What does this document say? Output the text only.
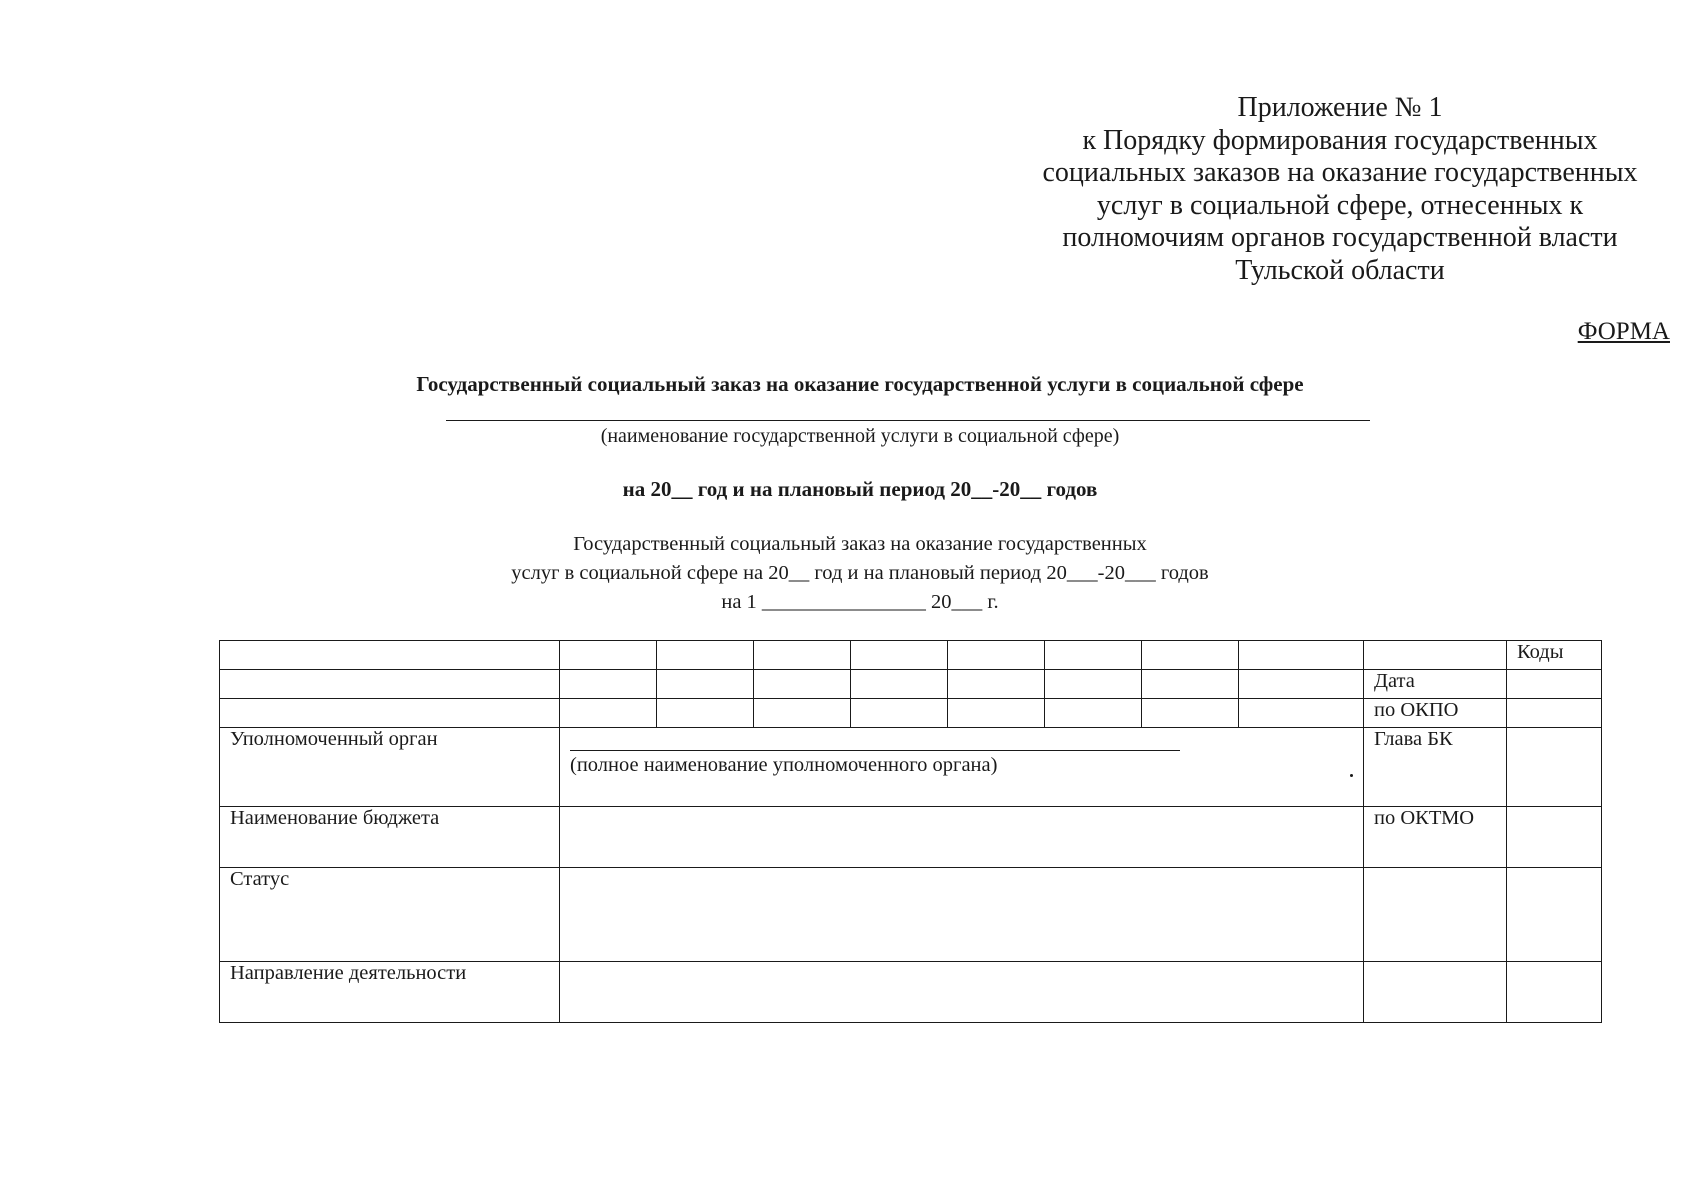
Приложение № 1
к Порядку формирования государственных
социальных заказов на оказание государственных
услуг в социальной сфере, отнесенных к
полномочиям органов государственной власти
Тульской области
ФОРМА
Государственный социальный заказ на оказание государственной услуги в социальной сфере
(наименование государственной услуги в социальной сфере)
на 20__ год и на плановый период 20__-20__ годов
Государственный социальный заказ на оказание государственных
услуг в социальной сфере на 20__ год и на плановый период 20___-20___ годов
на 1 ________________ 20___ г.
										Коды
									Дата	
									по ОКПО	
Уполномоченный орган	(полное наименование уполномоченного органа)								Глава БК	
Наименование бюджета									по ОКТМО	
Статус										
Направление деятельности										
